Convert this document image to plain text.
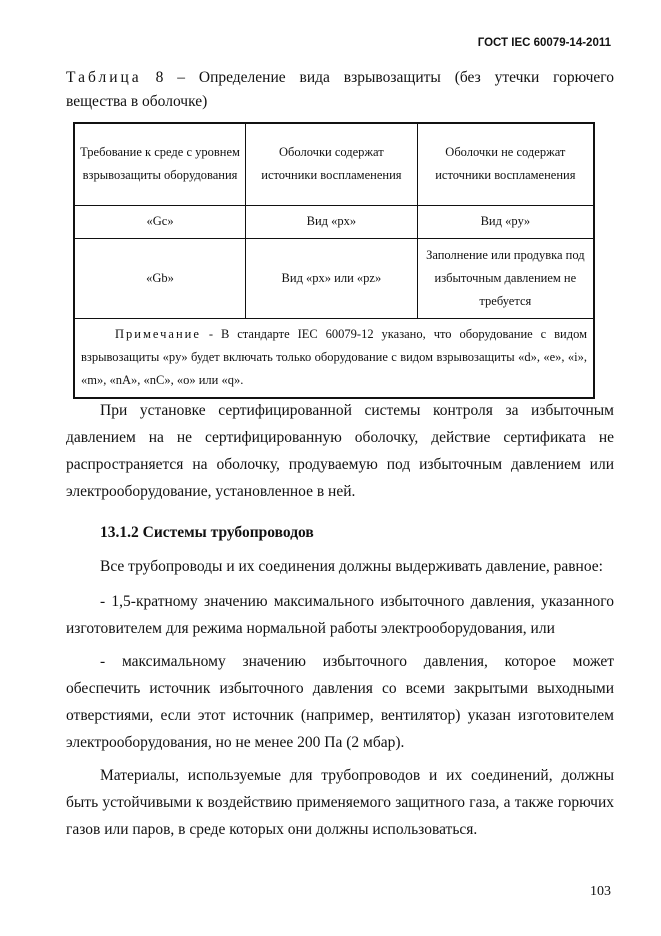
ГОСТ IEC 60079-14-2011
Таблица 8 – Определение вида взрывозащиты (без утечки горючего
вещества в оболочке)
Требование к среде с уровнем взрывозащиты оборудования	Оболочки содержат источники воспламенения	Оболочки не содержат источники воспламенения
«Gc»	Вид «px»	Вид «py»
«Gb»	Вид «px» или «pz»	Заполнение или продувка под избыточным давлением не требуется

Примечание - В стандарте IEC 60079-12 указано, что оборудование с видом взрывозащиты «py» будет включать только оборудование с видом взрывозащиты «d», «e», «i», «m», «nA», «nC», «o» или «q».		
При установке сертифицированной системы контроля за избыточным давлением на не сертифицированную оболочку, действие сертификата не распространяется на оболочку, продуваемую под избыточным давлением или электрооборудование, установленное в ней.
13.1.2 Системы трубопроводов
Все трубопроводы и их соединения должны выдерживать давление, равное:
- 1,5-кратному значению максимального избыточного давления, указанного изготовителем для режима нормальной работы электрооборудования, или
- максимальному значению избыточного давления, которое может обеспечить источник избыточного давления со всеми закрытыми выходными отверстиями, если этот источник (например, вентилятор) указан изготовителем электрооборудования, но не менее 200 Па (2 мбар).
Материалы, используемые для трубопроводов и их соединений, должны быть устойчивыми к воздействию применяемого защитного газа, а также горючих газов или паров, в среде которых они должны использоваться.
103
